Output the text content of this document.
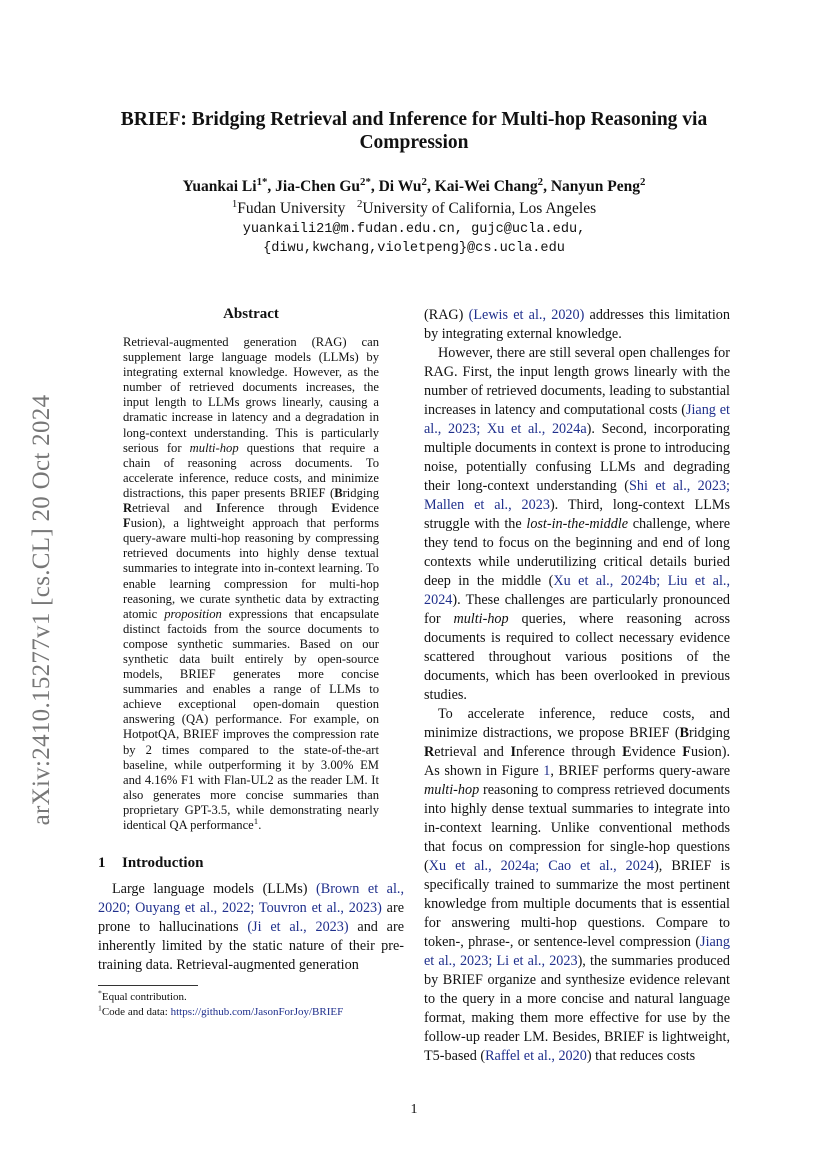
arXiv:2410.15277v1 [cs.CL] 20 Oct 2024
BRIEF: Bridging Retrieval and Inference for Multi-hop Reasoning via
Compression
Yuankai $Li^{1*}$, Jia-Chen $Gu^{2*}$, Di Wu$^2$, Kai-Wei Chang$^2$, Nanyun Peng$^2$
$^1$Fudan University $^2$University of California, Los Angeles
yuankaili21@m.fudan.edu.cn, gujc@ucla.edu,
{diwu,kwchang,violetpeng}@cs.ucla.edu
Abstract

Retrieval-augmented generation (RAG) can supplement large language models (LLMs) by integrating external knowledge. However, as the number of retrieved documents increases, the input length to LLMs grows linearly, causing a dramatic increase in latency and a degradation in long-context understanding. This is particularly serious for multi-hop questions that require a chain of reasoning across documents. To accelerate inference, reduce costs, and minimize distractions, this paper presents BRIEF (Bridging Retrieval and Inference through Evidence Fusion), a lightweight approach that performs query-aware multi-hop reasoning by compressing retrieved documents into highly dense textual summaries to integrate into in-context learning. To enable learning compression for multi-hop reasoning, we curate synthetic data by extracting atomic proposition expressions that encapsulate distinct factoids from the source documents to compose synthetic summaries. Based on our synthetic data built entirely by open-source models, BRIEF generates more concise summaries and enables a range of LLMs to achieve exceptional open-domain question answering (QA) performance. For example, on HotpotQA, BRIEF improves the compression rate by 2 times compared to the state-of-the-art baseline, while outperforming it by 3.00% EM and 4.16% F1 with Flan-UL2 as the reader LM. It also generates more concise summaries than proprietary GPT-3.5, while demonstrating nearly identical QA performance$^1$.

1 Introduction

Large language models (LLMs) (Brown et al., 2020; Ouyang et al., 2022; Touvron et al., 2023) are prone to hallucinations (Ji et al., 2023) and are inherently limited by the static nature of their pre-training data. Retrieval-augmented generation

*Equal contribution.

$^1$Code and data: https://github.com/JasonForJoy/BRIEF

(RAG) (Lewis et al., 2020) addresses this limitation by integrating external knowledge.

However, there are still several open challenges for RAG. First, the input length grows linearly with the number of retrieved documents, leading to substantial increases in latency and computational costs (Jiang et al., 2023; Xu et al., 2024a). Second, incorporating multiple documents in context is prone to introducing noise, potentially confusing LLMs and degrading their long-context understanding (Shi et al., 2023; Mallen et al., 2023). Third, long-context LLMs struggle with the lost-in-the-middle challenge, where they tend to focus on the beginning and end of long contexts while underutilizing critical details buried deep in the middle (Xu et al., 2024b; Liu et al., 2024). These challenges are particularly pronounced for multi-hop queries, where reasoning across documents is required to collect necessary evidence scattered throughout various positions of the documents, which has been overlooked in previous studies.

To accelerate inference, reduce costs, and minimize distractions, we propose BRIEF (Bridging Retrieval and Inference through Evidence Fusion). As shown in Figure 1, BRIEF performs query-aware multi-hop reasoning to compress retrieved documents into highly dense textual summaries to integrate into in-context learning. Unlike conventional methods that focus on compression for single-hop questions (Xu et al., 2024a; Cao et al., 2024), BRIEF is specifically trained to summarize the most pertinent knowledge from multiple documents that is essential for answering multi-hop questions. Compare to token-, phrase-, or sentence-level compression (Jiang et al., 2023; Li et al., 2023), the summaries produced by BRIEF organize and synthesize evidence relevant to the query in a more concise and natural language format, making them more effective for use by the follow-up reader LM. Besides, BRIEF is lightweight, T5-based (Raffel et al., 2020) that reduces costs

1
